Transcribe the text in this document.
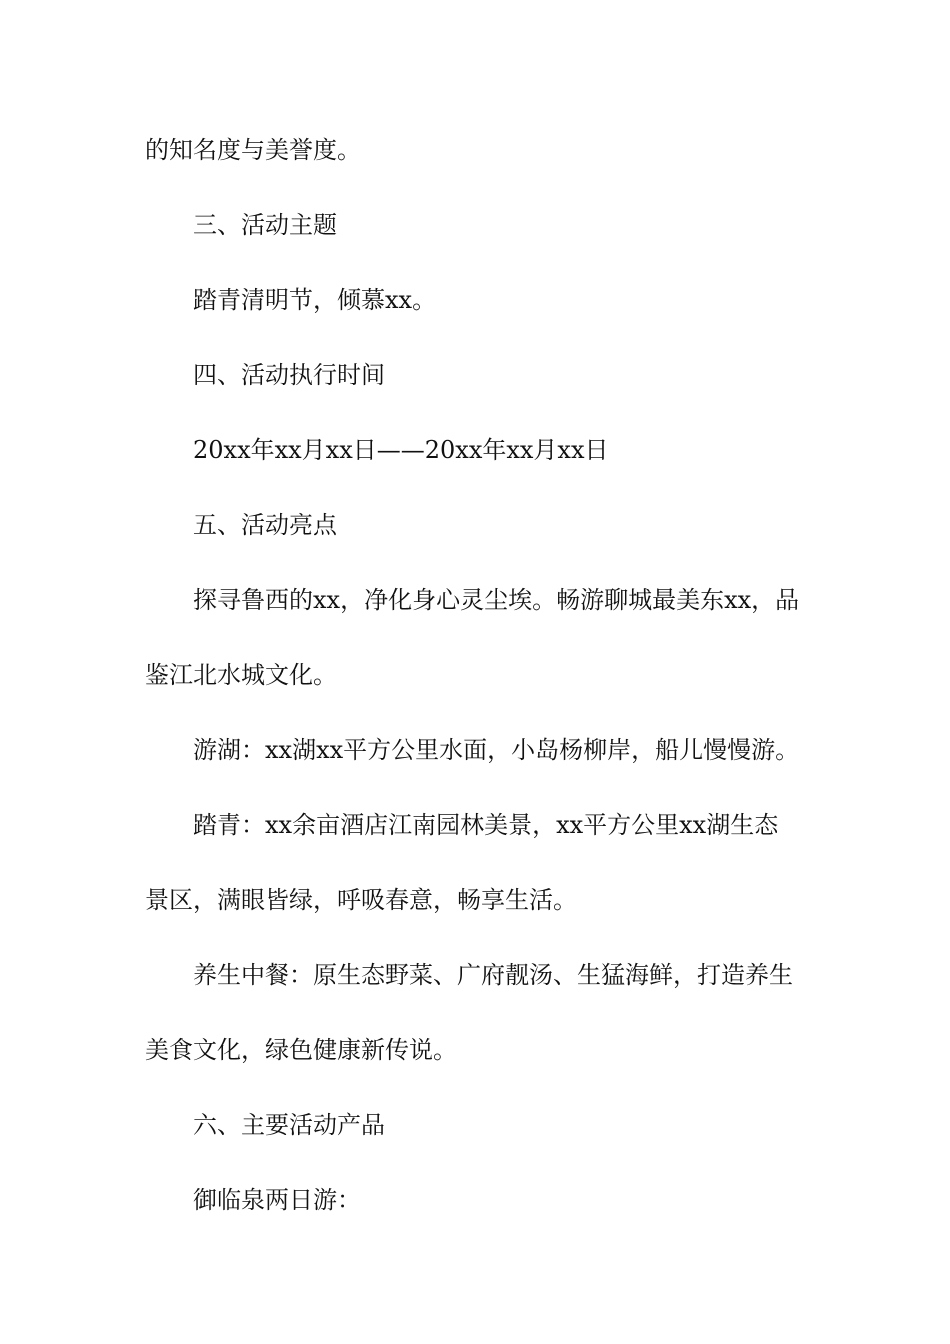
的知名度与美誉度。
三、活动主题
踏青清明节，倾慕xx。
四、活动执行时间
20xx年xx月xx日——20xx年xx月xx日
五、活动亮点
探寻鲁西的xx，净化身心灵尘埃。畅游聊城最美东xx，品
鉴江北水城文化。
游湖：xx湖xx平方公里水面，小岛杨柳岸，船儿慢慢游。
踏青：xx余亩酒店江南园林美景，xx平方公里xx湖生态
景区，满眼皆绿，呼吸春意，畅享生活。
养生中餐：原生态野菜、广府靓汤、生猛海鲜，打造养生
美食文化，绿色健康新传说。
六、主要活动产品
御临泉两日游：
